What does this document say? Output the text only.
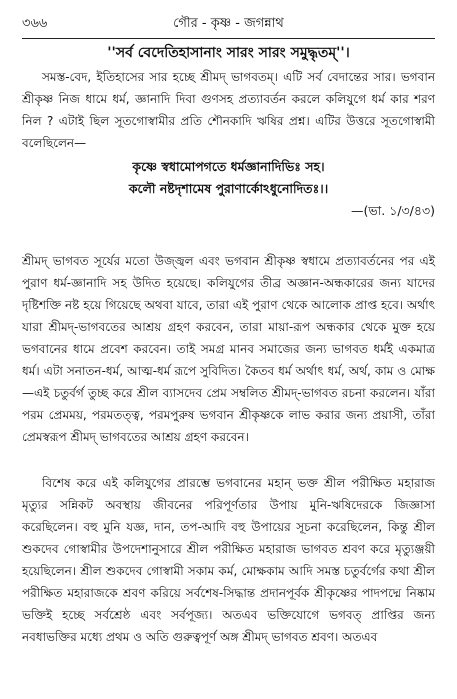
৩৬৬	গৌর - কৃষ্ণ - জগন্নাথ
''সর্ব বেদেতিহাসানাং সারং সারং সমুদ্ধৃতম্''।
সমস্ত-বেদ, ইতিহাসের সার হচ্ছে শ্রীমদ্ ভাগবতম্। এটি সর্ব বেদান্তের সার। ভগবান শ্রীকৃষ্ণ নিজ ধামে ধর্ম, জ্ঞানাদি দিবা গুণসহ প্রত্যাবর্তন করলে কলিযুগে ধর্ম কার শরণ নিল ? এটাই ছিল সূতগোস্বামীর প্রতি শৌনকাদি ঋষির প্রশ্ন। এটির উত্তরে সূতগোস্বামী বলেছিলেন—
কৃষ্ণে স্বধামোপগতে ধর্মজ্ঞানাদিভিঃ সহ।
কলৌ নষ্টদৃশামেষ পুরাণার্কোঽধুনোদিতঃ।।
—(ভা. ১/৩/৪৩)
শ্রীমদ্ ভাগবত সূর্যের মতো উজ্জ্বল এবং ভগবান শ্রীকৃষ্ণ স্বধামে প্রত্যাবর্তনের পর এই পুরাণ ধর্ম-জ্ঞানাদি সহ উদিত হয়েছে। কলিযুগের তীব্র অজ্ঞান-অন্ধকারের জন্য যাদের দৃষ্টিশক্তি নষ্ট হয়ে গিয়েছে অথবা যাবে, তারা এই পুরাণ থেকে আলোক প্রাপ্ত হবে। অর্থাৎ যারা শ্রীমদ্-ভাগবতের আশ্রয় গ্রহণ করবেন, তারা মায়া-রূপ অন্ধকার থেকে মুক্ত হয়ে ভগবানের ধামে প্রবেশ করবেন। তাই সমগ্র মানব সমাজের জন্য ভাগবত ধর্মই একমাত্র ধর্ম। এটা সনাতন-ধর্ম, আত্ম-ধর্ম রূপে সুবিদিত। কৈতব ধর্ম অর্থাৎ ধর্ম, অর্থ, কাম ও মোক্ষ—এই চতুর্বর্গ তুচ্ছ করে শ্রীল ব্যাসদেব প্রেম সম্বলিত শ্রীমদ্-ভাগবত রচনা করলেন। যাঁরা পরম প্রেমময়, পরমতত্ত্ব, পরমপুরুষ ভগবান শ্রীকৃষ্ণকে লাভ করার জন্য প্রয়াসী, তাঁরা প্রেমস্বরূপ শ্রীমদ্ ভাগবতের আশ্রয় গ্রহণ করবেন।
বিশেষ করে এই কলিযুগের প্রারম্ভে ভগবানের মহান্ ভক্ত শ্রীল পরীক্ষিত মহারাজ মৃত্যুর সন্নিকট অবস্থায় জীবনের পরিপূর্ণতার উপায় মুনি-ঋষিদেরকে জিজ্ঞাসা করেছিলেন। বহু মুনি যজ্ঞ, দান, তপ-আদি বহু উপায়ের সূচনা করেছিলেন, কিন্তু শ্রীল শুকদেব গোস্বামীর উপদেশানুসারে শ্রীল পরীক্ষিত মহারাজ ভাগবত শ্রবণ করে মৃত্যুঞ্জয়ী হয়েছিলেন। শ্রীল শুকদেব গোস্বামী সকাম কর্ম, মোক্ষকাম আদি সমস্ত চতুর্বর্গের কথা শ্রীল পরীক্ষিত মহারাজকে শ্রবণ করিয়ে সর্বশেষ-সিদ্ধান্ত প্রদানপূর্বক শ্রীকৃষ্ণের পাদপদ্মে নিষ্কাম ভক্তিই হচ্ছে সর্বশ্রেষ্ঠ এবং সর্বপূজ্য। অতএব ভক্তিযোগে ভগবত্ প্রাপ্তির জন্য নবধাভক্তির মধ্যে প্রথম ও অতি গুরুত্বপূর্ণ অঙ্গ শ্রীমদ্ ভাগবত শ্রবণ। অতএব
